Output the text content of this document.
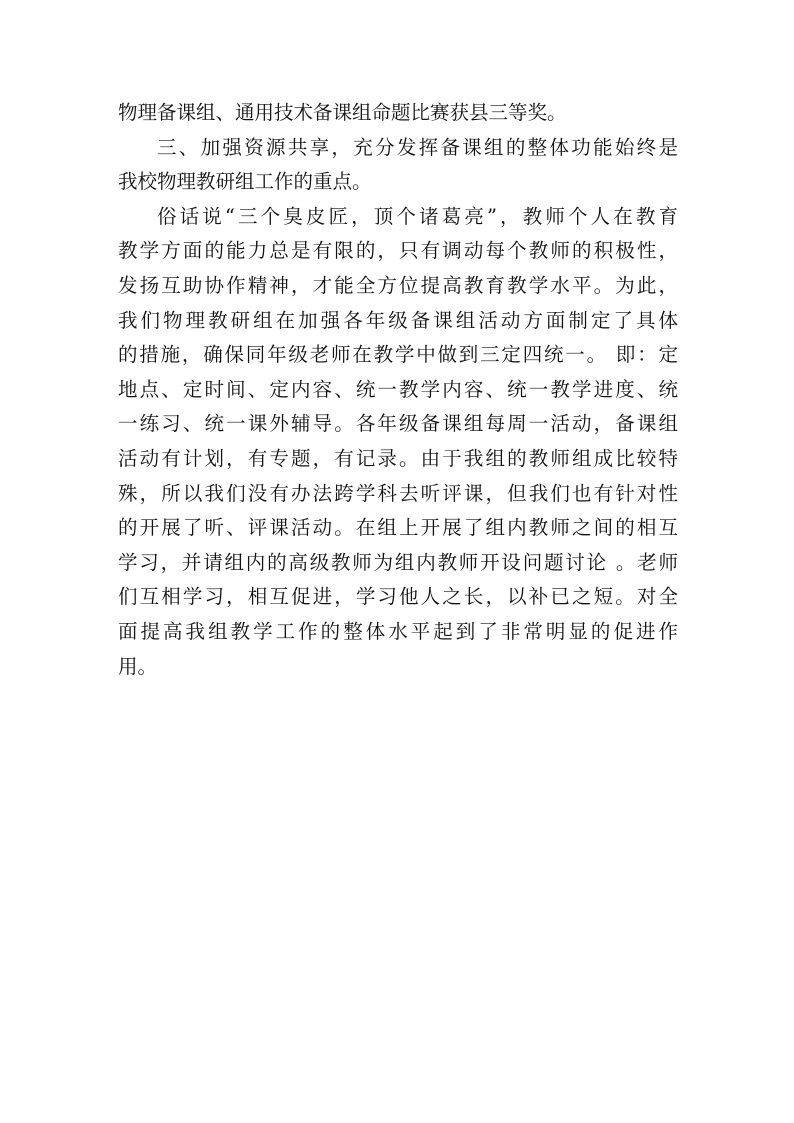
物理备课组、通用技术备课组命题比赛获县三等奖。
三、加强资源共享，充分发挥备课组的整体功能始终是
我校物理教研组工作的重点。
俗话说“三个臭皮匠，顶个诸葛亮”，教师个人在教育
教学方面的能力总是有限的，只有调动每个教师的积极性，
发扬互助协作精神，才能全方位提高教育教学水平。为此，
我们物理教研组在加强各年级备课组活动方面制定了具体
的措施，确保同年级老师在教学中做到三定四统一。 即：定
地点、定时间、定内容、统一教学内容、统一教学进度、统
一练习、统一课外辅导。各年级备课组每周一活动，备课组
活动有计划，有专题，有记录。由于我组的教师组成比较特
殊，所以我们没有办法跨学科去听评课，但我们也有针对性
的开展了听、评课活动。在组上开展了组内教师之间的相互
学习，并请组内的高级教师为组内教师开设问题讨论 。老师
们互相学习，相互促进，学习他人之长，以补已之短。对全
面提高我组教学工作的整体水平起到了非常明显的促进作
用。
